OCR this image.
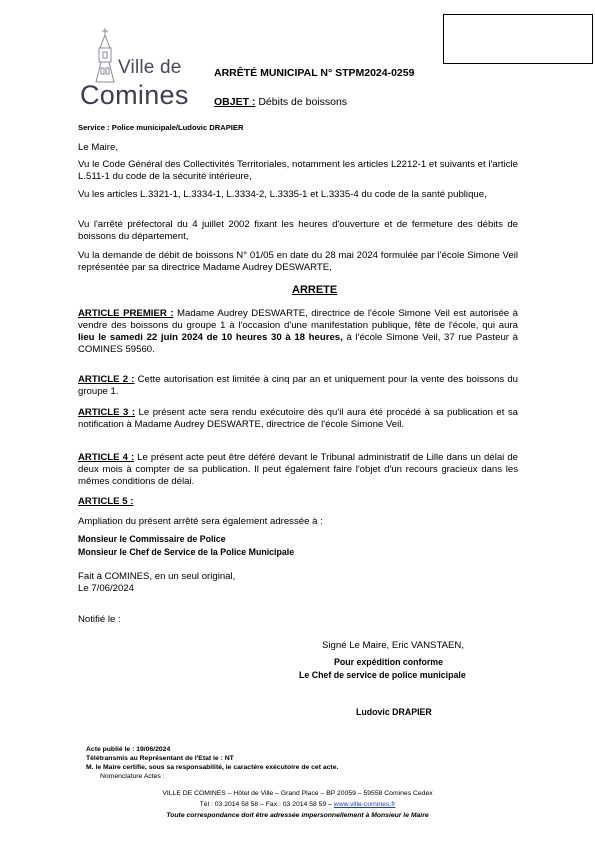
Ville de
Comines
ARRÊTÉ MUNICIPAL N° STPM2024-0259
OBJET : Débits de boissons
Service : Police municipale/Ludovic DRAPIER
Le Maire,
Vu le Code Général des Collectivités Territoriales, notamment les articles L2212-1 et suivants et l'article L.511-1 du code de la sécurité intérieure,
Vu les articles L.3321-1, L.3334-1, L.3334-2, L.3335-1 et L.3335-4 du code de la santé publique,
Vu l'arrêté préfectoral du 4 juillet 2002 fixant les heures d'ouverture et de fermeture des débits de boissons du département,
Vu la demande de débit de boissons N° 01/05 en date du 28 mai 2024 formulée par l'école Simone Veil représentée par sa directrice Madame Audrey DESWARTE,
ARRETE
ARTICLE PREMIER : Madame Audrey DESWARTE, directrice de l'école Simone Veil est autorisée à vendre des boissons du groupe 1 à l'occasion d'une manifestation publique, fête de l'école, qui aura lieu le samedi 22 juin 2024 de 10 heures 30 à 18 heures, à l'école Simone Veil, 37 rue Pasteur à COMINES 59560.
ARTICLE 2 : Cette autorisation est limitée à cinq par an et uniquement pour la vente des boissons du groupe 1.
ARTICLE 3 : Le présent acte sera rendu exécutoire dès qu'il aura été procédé à sa publication et sa notification à Madame Audrey DESWARTE, directrice de l'école Simone Veil.
ARTICLE 4 : Le présent acte peut être déféré devant le Tribunal administratif de Lille dans un délai de deux mois à compter de sa publication. Il peut également faire l'objet d'un recours gracieux dans les mêmes conditions de délai.
ARTICLE 5 :
Ampliation du présent arrêté sera également adressée à :
Monsieur le Commissaire de Police
Monsieur le Chef de Service de la Police Municipale
Fait à COMINES, en un seul original,
Le 7/06/2024
Notifié le :
Signé Le Maire, Eric VANSTAEN,
Pour expédition conforme
Le Chef de service de police municipale
Ludovic DRAPIER
Acte publié le : 19/06/2024
Télétransmis au Représentant de l'Etat le : NT
M. le Maire certifie, sous sa responsabilité, le caractère exécutoire de cet acte.
Nomenclature Actes :
VILLE DE COMINES – Hôtel de Ville – Grand Place – BP 20059 – 59558 Comines Cedex
Tél : 03 2014 58 58 – Fax : 03 2014 58 59 – www.ville-comines.fr
Toute correspondance doit être adressée impersonnellement à Monsieur le Maire
